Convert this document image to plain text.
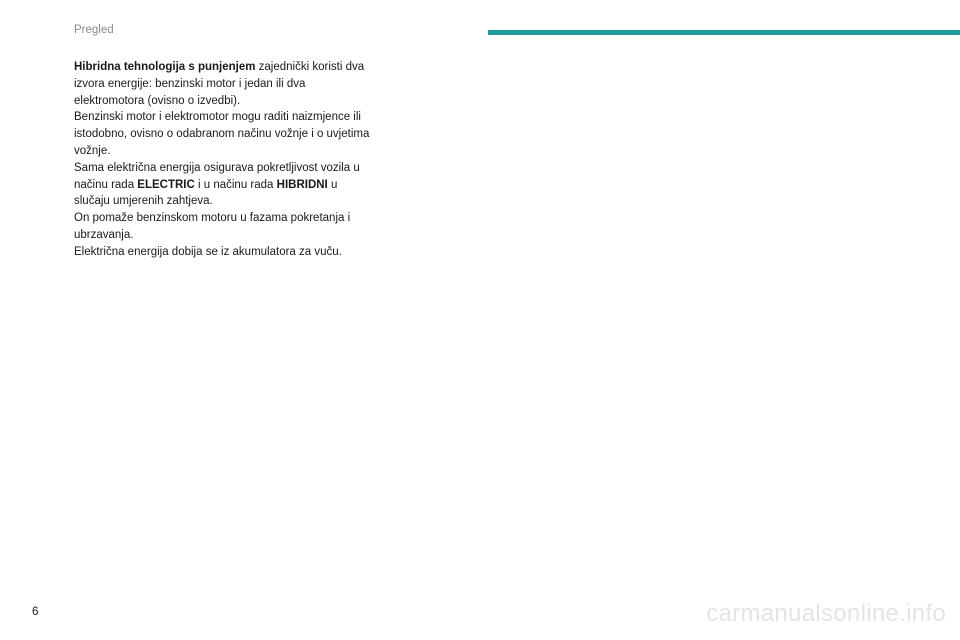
Pregled

Hibridna tehnologija s punjenjem zajednički koristi dva izvora energije: benzinski motor i jedan ili dva elektromotora (ovisno o izvedbi).

Benzinski motor i elektromotor mogu raditi naizmjence ili istodobno, ovisno o odabranom načinu vožnje i o uvjetima vožnje.

Sama električna energija osigurava pokretljivost vozila u načinu rada ELECTRIC i u načinu rada HIBRIDNI u slučaju umjerenih zahtjeva.

On pomaže benzinskom motoru u fazama pokretanja i ubrzavanja.

Električna energija dobija se iz akumulatora za vuču.

6	carmanualsonline.info
